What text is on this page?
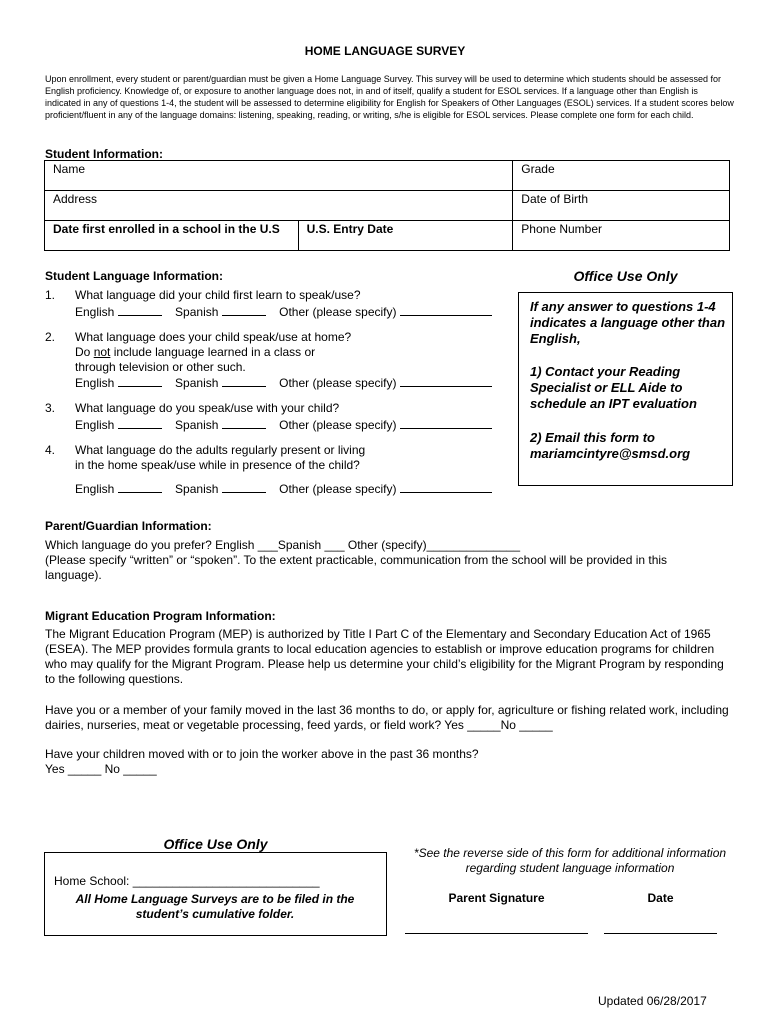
HOME LANGUAGE SURVEY
Upon enrollment, every student or parent/guardian must be given a Home Language Survey. This survey will be used to determine which students should be assessed for English proficiency. Knowledge of, or exposure to another language does not, in and of itself, qualify a student for ESOL services. If a language other than English is indicated in any of questions 1-4, the student will be assessed to determine eligibility for English for Speakers of Other Languages (ESOL) services. If a student scores below proficient/fluent in any of the language domains: listening, speaking, reading, or writing, s/he is eligible for ESOL services. Please complete one form for each child.
Student Information:
Name		Grade
Address		Date of Birth
Date first enrolled in a school in the U.S	U.S. Entry Date	Phone Number
Student Language Information:
1. What language did your child first learn to speak/use?
English	Spanish	Other (please specify)
2. What language does your child speak/use at home?
Do not include language learned in a class or
through television or other such.
English	Spanish	Other (please specify)
3. What language do you speak/use with your child?
English	Spanish	Other (please specify)
4. What language do the adults regularly present or living
in the home speak/use while in presence of the child?
English	Spanish	Other (please specify)
Office Use Only
If any answer to questions 1-4 indicates a language other than English,
1) Contact your Reading Specialist or ELL Aide to schedule an IPT evaluation
2) Email this form to mariamcintyre@smsd.org
Parent/Guardian Information:
Which language do you prefer? English ___Spanish ___ Other (specify)______________
(Please specify “written” or “spoken”. To the extent practicable, communication from the school will be provided in this language).
Migrant Education Program Information:
The Migrant Education Program (MEP) is authorized by Title I Part C of the Elementary and Secondary Education Act of 1965 (ESEA). The MEP provides formula grants to local education agencies to establish or improve education programs for children who may qualify for the Migrant Program. Please help us determine your child’s eligibility for the Migrant Program by responding to the following questions.
Have you or a member of your family moved in the last 36 months to do, or apply for, agriculture or fishing related work, including dairies, nurseries, meat or vegetable processing, feed yards, or field work? Yes _____No _____
Have your children moved with or to join the worker above in the past 36 months?
Yes _____ No _____
Office Use Only
Home School: ____________________________
All Home Language Surveys are to be filed in the student’s cumulative folder.
*See the reverse side of this form for additional information regarding student language information
Parent Signature	Date
Updated 06/28/2017
